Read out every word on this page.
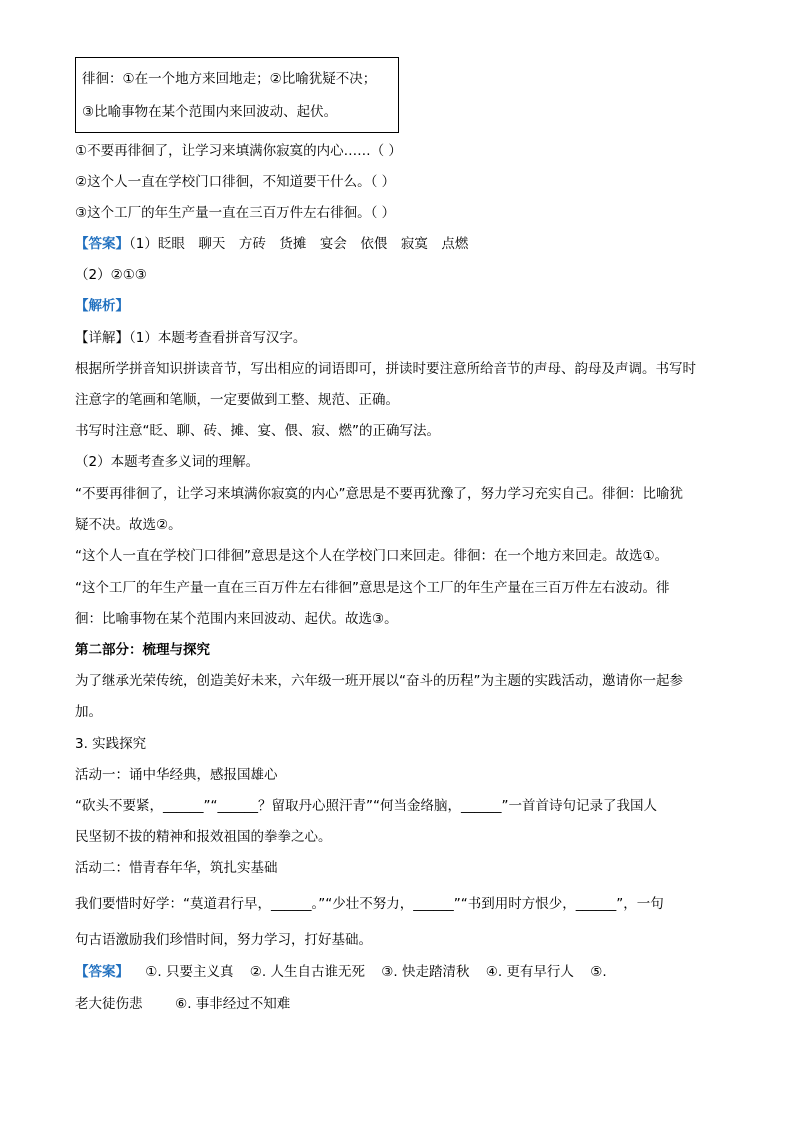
徘徊：①在一个地方来回地走；②比喻犹疑不决；
③比喻事物在某个范围内来回波动、起伏。
①不要再徘徊了，让学习来填满你寂寞的内心……（ ）
②这个人一直在学校门口徘徊，不知道要干什么。（ ）
③这个工厂的年生产量一直在三百万件左右徘徊。（ ）
【答案】（1）眨眼　聊天　方砖　货摊　宴会　依偎　寂寞　点燃
（2）②①③
【解析】
【详解】（1）本题考查看拼音写汉字。
根据所学拼音知识拼读音节，写出相应的词语即可，拼读时要注意所给音节的声母、韵母及声调。书写时
注意字的笔画和笔顺，一定要做到工整、规范、正确。
书写时注意“眨、聊、砖、摊、宴、偎、寂、燃”的正确写法。
（2）本题考查多义词的理解。
“不要再徘徊了，让学习来填满你寂寞的内心”意思是不要再犹豫了，努力学习充实自己。徘徊：比喻犹
疑不决。故选②。
“这个人一直在学校门口徘徊”意思是这个人在学校门口来回走。徘徊：在一个地方来回走。故选①。
“这个工厂的年生产量一直在三百万件左右徘徊”意思是这个工厂的年生产量在三百万件左右波动。徘
徊：比喻事物在某个范围内来回波动、起伏。故选③。
第二部分：梳理与探究
为了继承光荣传统，创造美好未来，六年级一班开展以“奋斗的历程”为主题的实践活动，邀请你一起参
加。
3. 实践探究
活动一：诵中华经典，感报国雄心
“砍头不要紧，______”“______？留取丹心照汗青”“何当金络脑，______”一首首诗句记录了我国人
民坚韧不拔的精神和报效祖国的拳拳之心。
活动二：惜青春年华，筑扎实基础
我们要惜时好学：“莫道君行早，______。”“少壮不努力，______”“书到用时方恨少，______”，一句
句古语激励我们珍惜时间，努力学习，打好基础。
【答案】 ①. 只要主义真 ②. 人生自古谁无死 ③. 快走踏清秋 ④. 更有早行人 ⑤.
老大徒伤悲 ⑥. 事非经过不知难
